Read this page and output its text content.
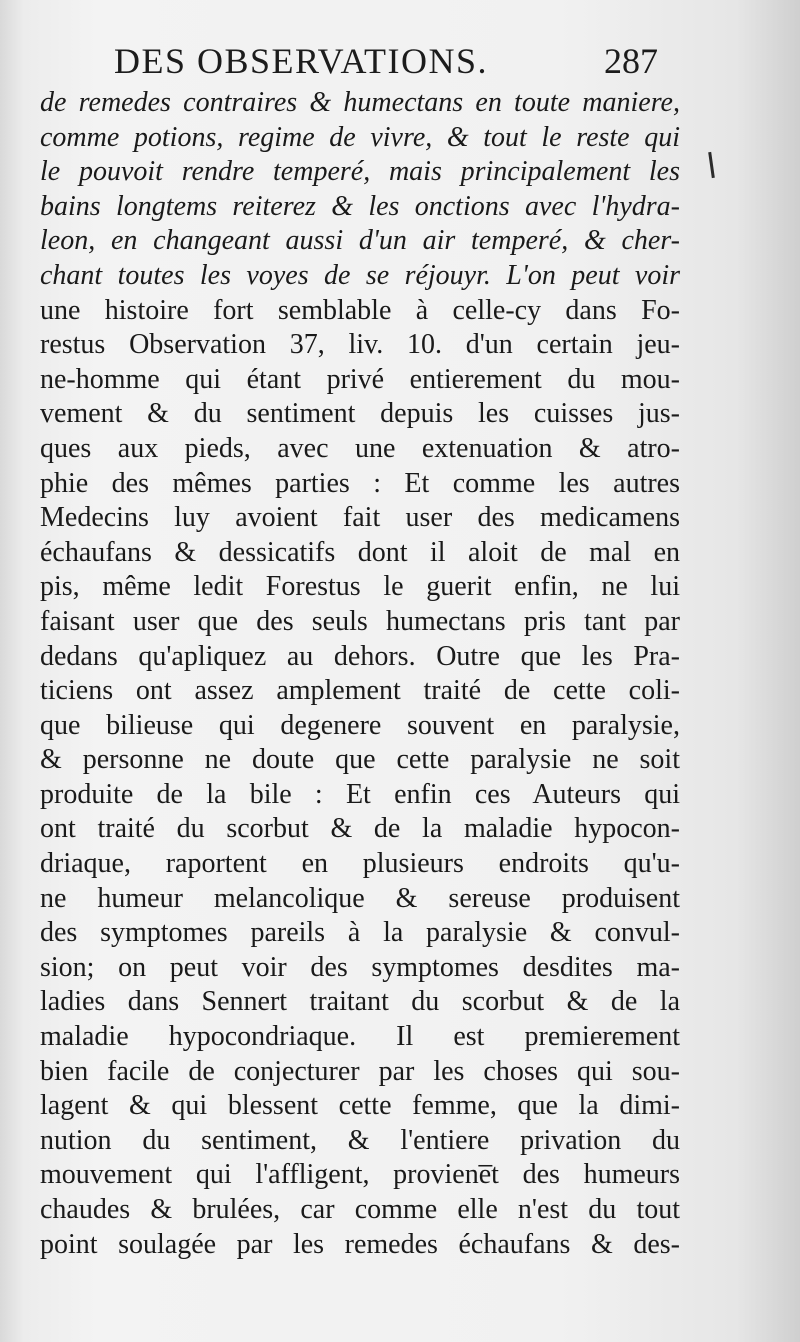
DES OBSERVATIONS.	287
de remedes contraires & humectans en toute maniere,
comme potions, regime de vivre, & tout le reste qui
le pouvoit rendre temperé, mais principalement les
bains longtems reiterez & les onctions avec l'hydra-
leon, en changeant aussi d'un air temperé, & cher-
chant toutes les voyes de se réjouyr. L'on peut voir
une histoire fort semblable à celle-cy dans Fo-
restus Observation 37, liv. 10. d'un certain jeu-
ne-homme qui étant privé entierement du mou-
vement & du sentiment depuis les cuisses jus-
ques aux pieds, avec une extenuation & atro-
phie des mêmes parties : Et comme les autres
Medecins luy avoient fait user des medicamens
échaufans & dessicatifs dont il aloit de mal en
pis, même ledit Forestus le guerit enfin, ne lui
faisant user que des seuls humectans pris tant par
dedans qu'apliquez au dehors. Outre que les Pra-
ticiens ont assez amplement traité de cette coli-
que bilieuse qui degenere souvent en paralysie,
& personne ne doute que cette paralysie ne soit
produite de la bile : Et enfin ces Auteurs qui
ont traité du scorbut & de la maladie hypocon-
driaque, raportent en plusieurs endroits qu'u-
ne humeur melancolique & sereuse produisent
des symptomes pareils à la paralysie & convul-
sion; on peut voir des symptomes desdites ma-
ladies dans Sennert traitant du scorbut & de la
maladie hypocondriaque. Il est premierement
bien facile de conjecturer par les choses qui sou-
lagent & qui blessent cette femme, que la dimi-
nution du sentiment, & l'entiere privation du
mouvement qui l'affligent, proviene̅t des humeurs
chaudes & brulées, car comme elle n'est du tout
point soulagée par les remedes échaufans & des-
